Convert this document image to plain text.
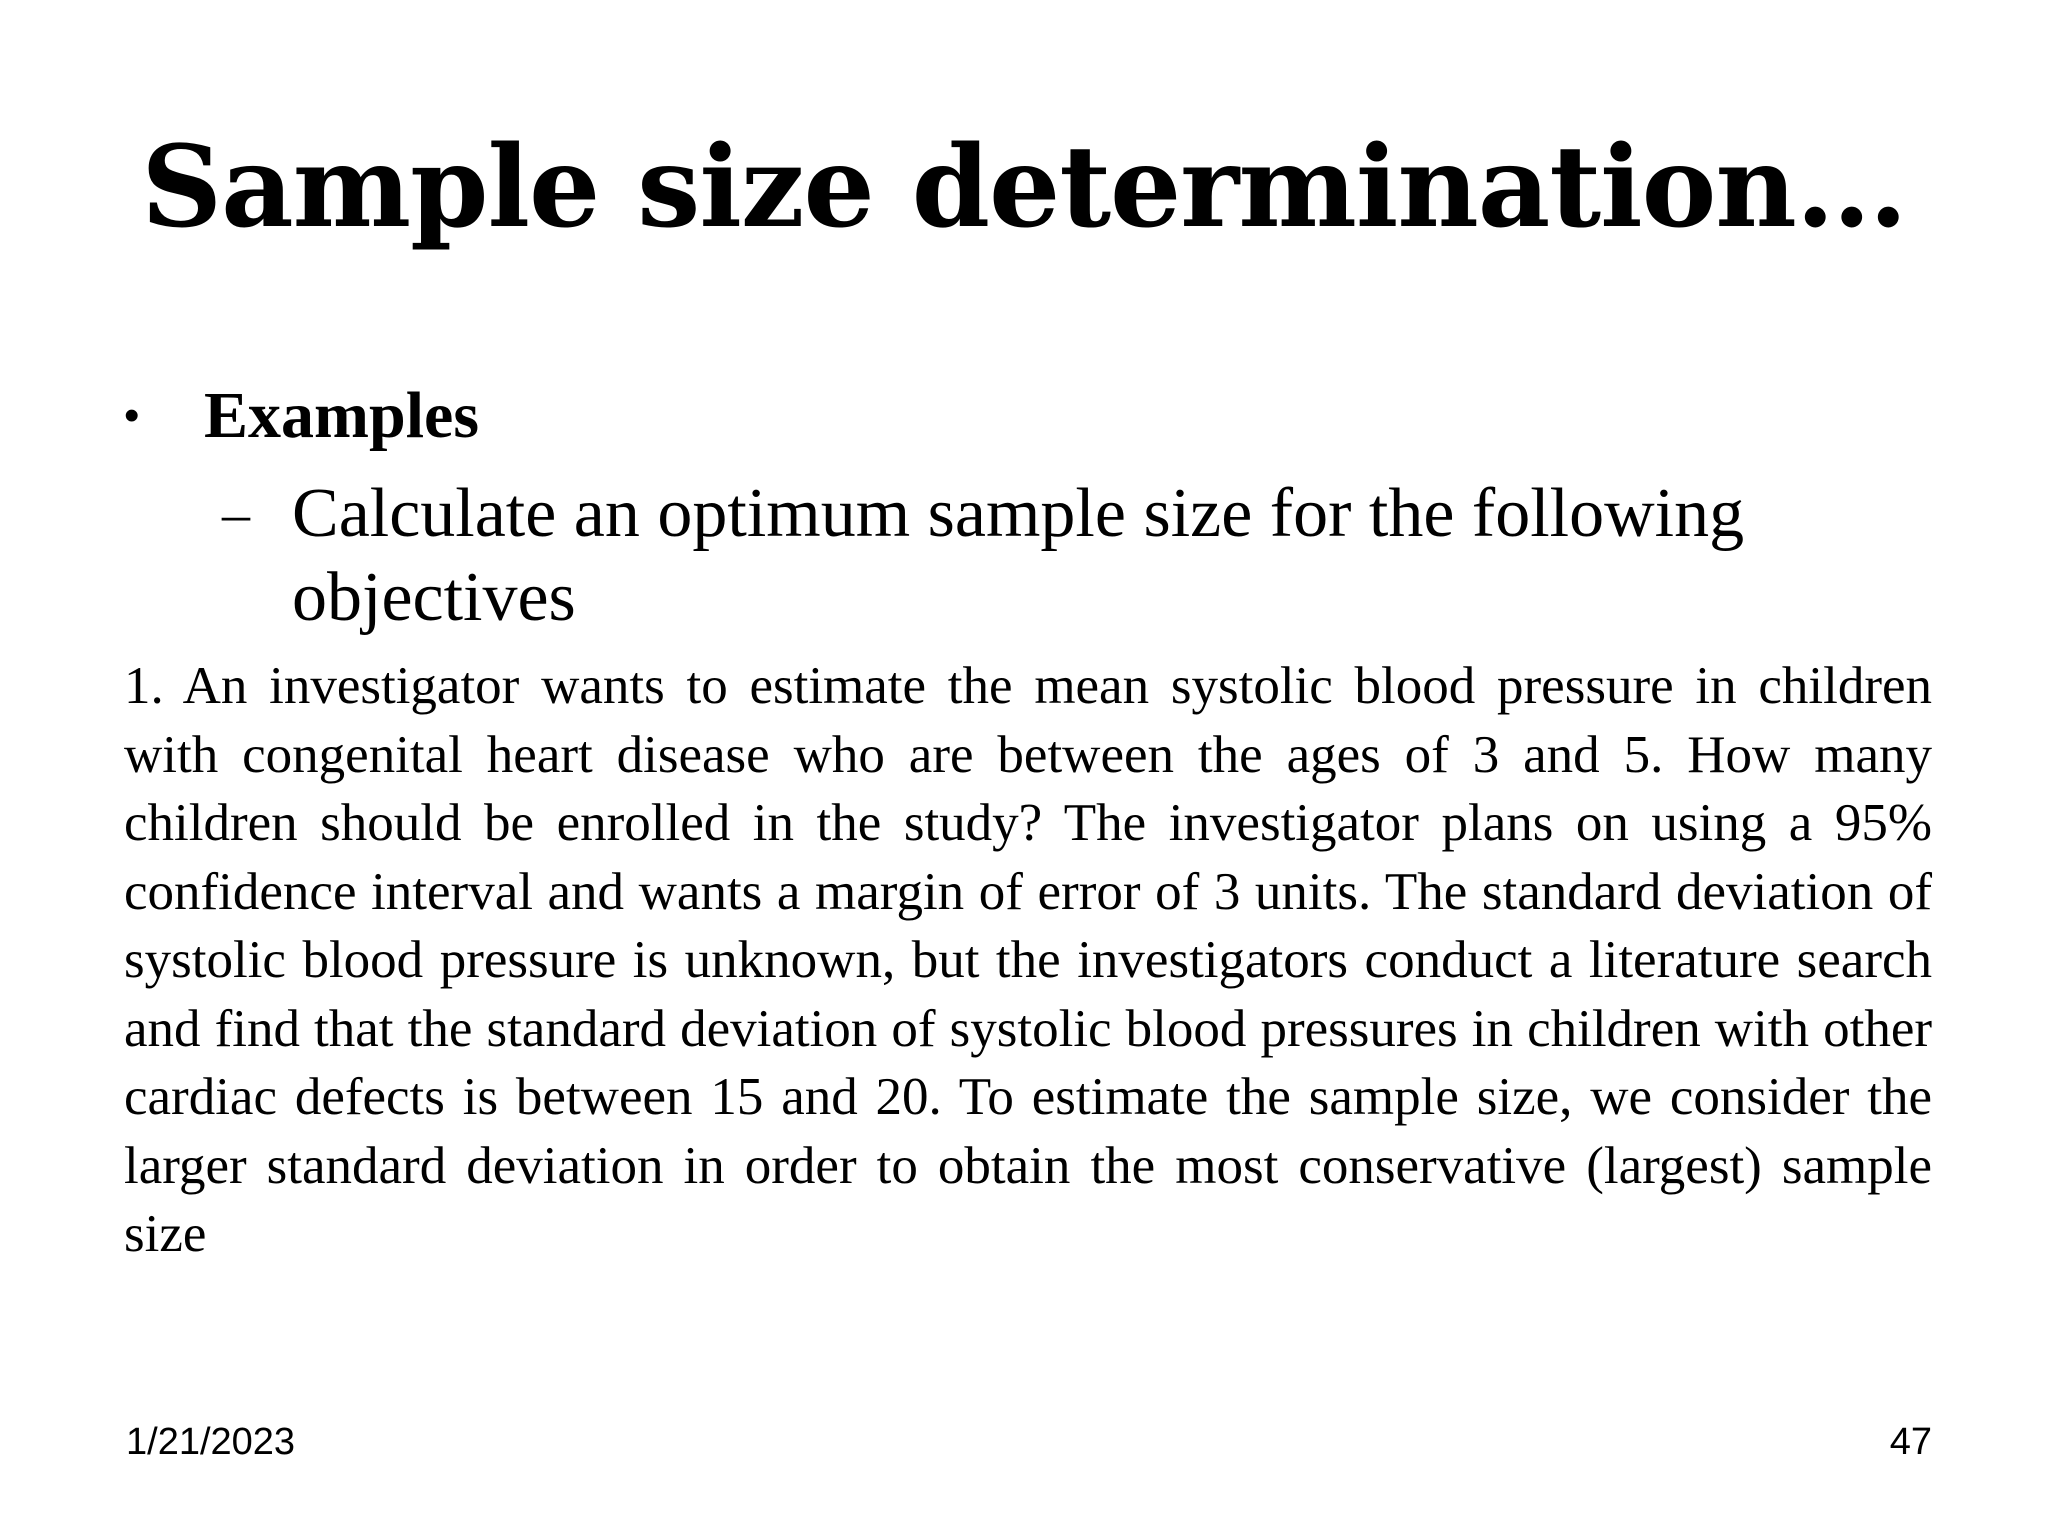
Sample size determination…
• Examples
– Calculate an optimum sample size for the following objectives
1. An investigator wants to estimate the mean systolic blood pressure in children with congenital heart disease who are between the ages of 3 and 5. How many children should be enrolled in the study? The investigator plans on using a 95% confidence interval and wants a margin of error of 3 units. The standard deviation of systolic blood pressure is unknown, but the investigators conduct a literature search and find that the standard deviation of systolic blood pressures in children with other cardiac defects is between 15 and 20. To estimate the sample size, we consider the larger standard deviation in order to obtain the most conservative (largest) sample size
1/21/2023	47
